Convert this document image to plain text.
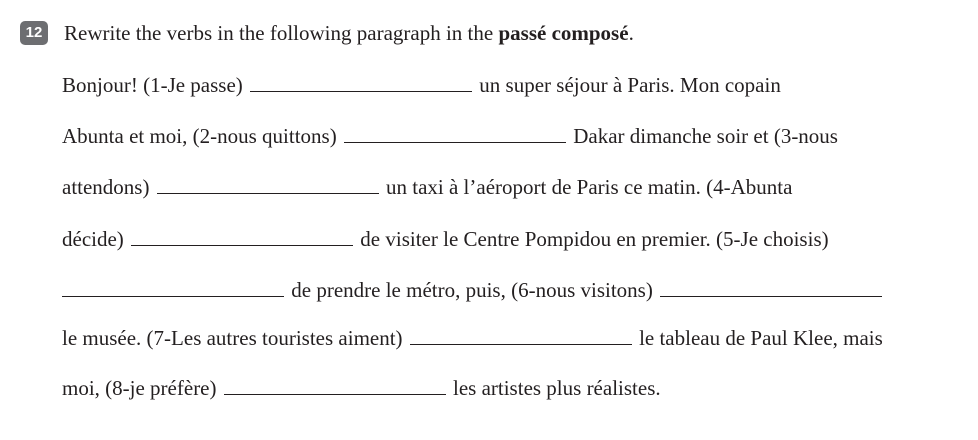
12 Rewrite the verbs in the following paragraph in the passé composé.
Bonjour! (1-Je passe)	un super séjour à Paris. Mon copain
Abunta et moi, (2-nous quittons)	Dakar dimanche soir et (3-nous
attendons)	un taxi à l’aéroport de Paris ce matin. (4-Abunta
décide)	de visiter le Centre Pompidou en premier. (5-Je choisis)
de prendre le métro, puis, (6-nous visitons)
le musée. (7-Les autres touristes aiment)	le tableau de Paul Klee, mais
moi, (8-je préfère)	les artistes plus réalistes.
